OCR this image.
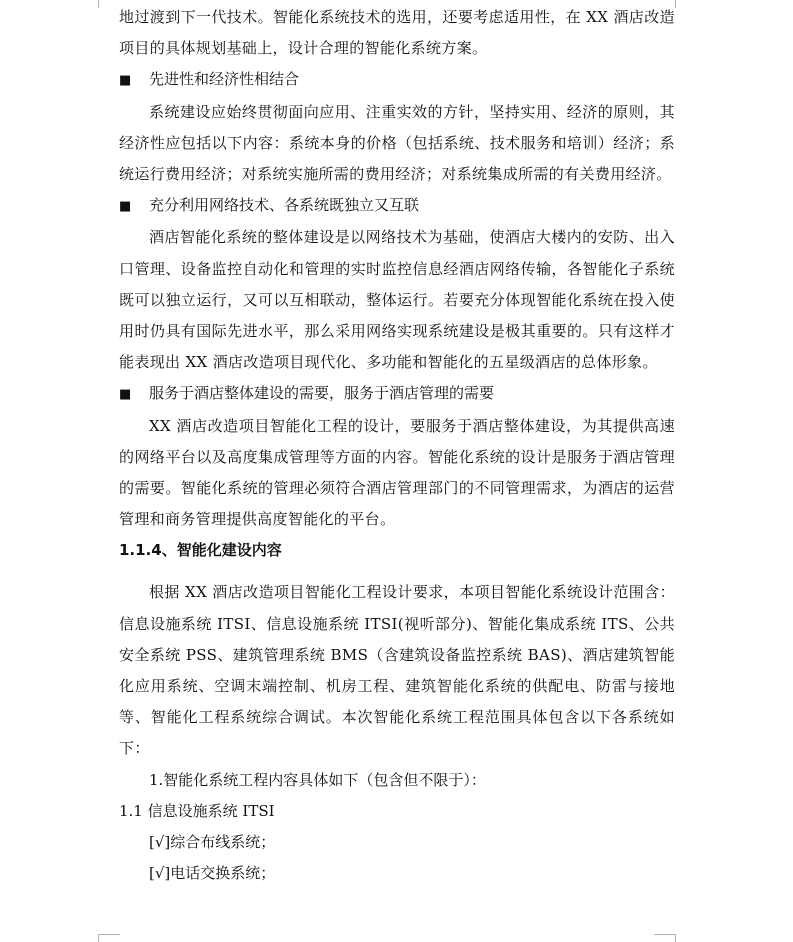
地过渡到下一代技术。智能化系统技术的选用，还要考虑适用性，在 XX 酒店改造项目的具体规划基础上，设计合理的智能化系统方案。

■	先进性和经济性相结合

系统建设应始终贯彻面向应用、注重实效的方针，坚持实用、经济的原则，其经济性应包括以下内容：系统本身的价格（包括系统、技术服务和培训）经济；系统运行费用经济；对系统实施所需的费用经济；对系统集成所需的有关费用经济。

■	充分利用网络技术、各系统既独立又互联

酒店智能化系统的整体建设是以网络技术为基础，使酒店大楼内的安防、出入口管理、设备监控自动化和管理的实时监控信息经酒店网络传输，各智能化子系统既可以独立运行，又可以互相联动，整体运行。若要充分体现智能化系统在投入使用时仍具有国际先进水平，那么采用网络实现系统建设是极其重要的。只有这样才能表现出 XX 酒店改造项目现代化、多功能和智能化的五星级酒店的总体形象。

■	服务于酒店整体建设的需要，服务于酒店管理的需要

XX 酒店改造项目智能化工程的设计，要服务于酒店整体建设，为其提供高速的网络平台以及高度集成管理等方面的内容。智能化系统的设计是服务于酒店管理的需要。智能化系统的管理必须符合酒店管理部门的不同管理需求，为酒店的运营管理和商务管理提供高度智能化的平台。

1.1.4、智能化建设内容

根据 XX 酒店改造项目智能化工程设计要求，本项目智能化系统设计范围含：信息设施系统 ITSI、信息设施系统 ITSI(视听部分)、智能化集成系统 ITS、公共安全系统 PSS、建筑管理系统 BMS（含建筑设备监控系统 BAS)、酒店建筑智能化应用系统、空调末端控制、机房工程、建筑智能化系统的供配电、防雷与接地等、智能化工程系统综合调试。本次智能化系统工程范围具体包含以下各系统如下：

1.智能化系统工程内容具体如下（包含但不限于）：

1.1 信息设施系统 ITSI

[√]综合布线系统；

[√]电话交换系统；
